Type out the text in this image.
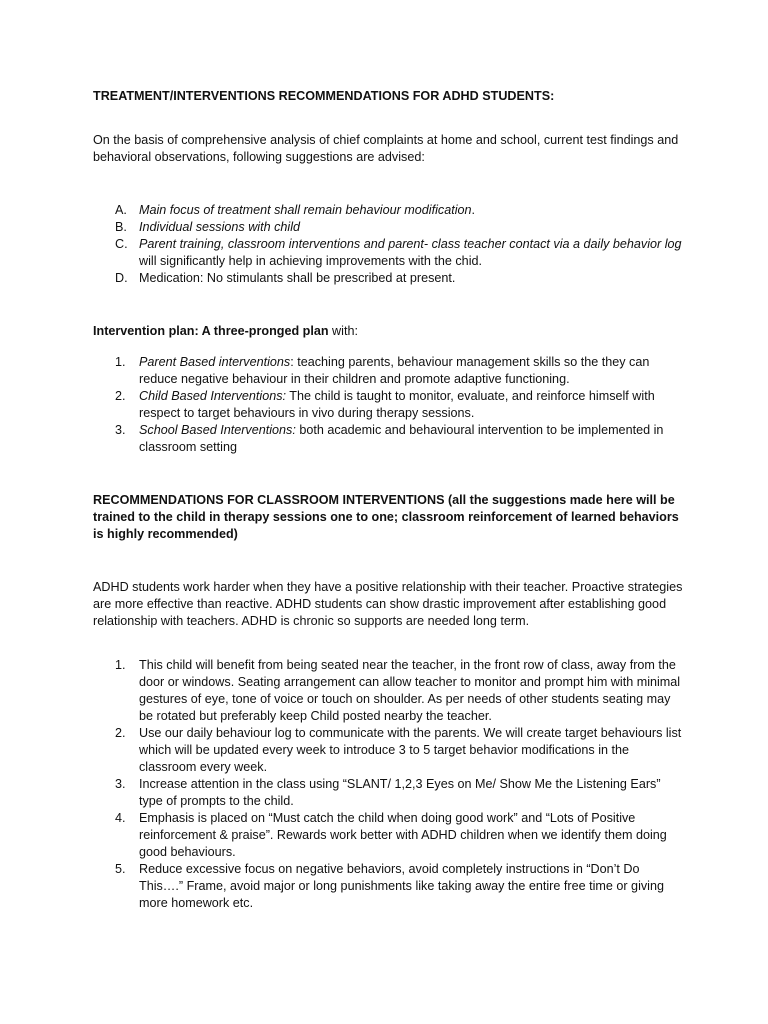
TREATMENT/INTERVENTIONS RECOMMENDATIONS FOR ADHD STUDENTS:

On the basis of comprehensive analysis of chief complaints at home and school, current test findings and behavioral observations, following suggestions are advised:

A. Main focus of treatment shall remain behaviour modification.
B. Individual sessions with child
C. Parent training, classroom interventions and parent- class teacher contact via a daily behavior log will significantly help in achieving improvements with the chid.
D. Medication: No stimulants shall be prescribed at present.

Intervention plan: A three-pronged plan with:

1. Parent Based interventions: teaching parents, behaviour management skills so the they can reduce negative behaviour in their children and promote adaptive functioning.
2. Child Based Interventions: The child is taught to monitor, evaluate, and reinforce himself with respect to target behaviours in vivo during therapy sessions.
3. School Based Interventions: both academic and behavioural intervention to be implemented in classroom setting

RECOMMENDATIONS FOR CLASSROOM INTERVENTIONS (all the suggestions made here will be trained to the child in therapy sessions one to one; classroom reinforcement of learned behaviors is highly recommended)

ADHD students work harder when they have a positive relationship with their teacher. Proactive strategies are more effective than reactive. ADHD students can show drastic improvement after establishing good relationship with teachers. ADHD is chronic so supports are needed long term.

1. This child will benefit from being seated near the teacher, in the front row of class, away from the door or windows. Seating arrangement can allow teacher to monitor and prompt him with minimal gestures of eye, tone of voice or touch on shoulder. As per needs of other students seating may be rotated but preferably keep Child posted nearby the teacher.
2. Use our daily behaviour log to communicate with the parents. We will create target behaviours list which will be updated every week to introduce 3 to 5 target behavior modifications in the classroom every week.
3. Increase attention in the class using “SLANT/ 1,2,3 Eyes on Me/ Show Me the Listening Ears” type of prompts to the child.
4. Emphasis is placed on “Must catch the child when doing good work” and “Lots of Positive reinforcement & praise”. Rewards work better with ADHD children when we identify them doing good behaviours.
5. Reduce excessive focus on negative behaviors, avoid completely instructions in “Don’t Do This….” Frame, avoid major or long punishments like taking away the entire free time or giving more homework etc.
